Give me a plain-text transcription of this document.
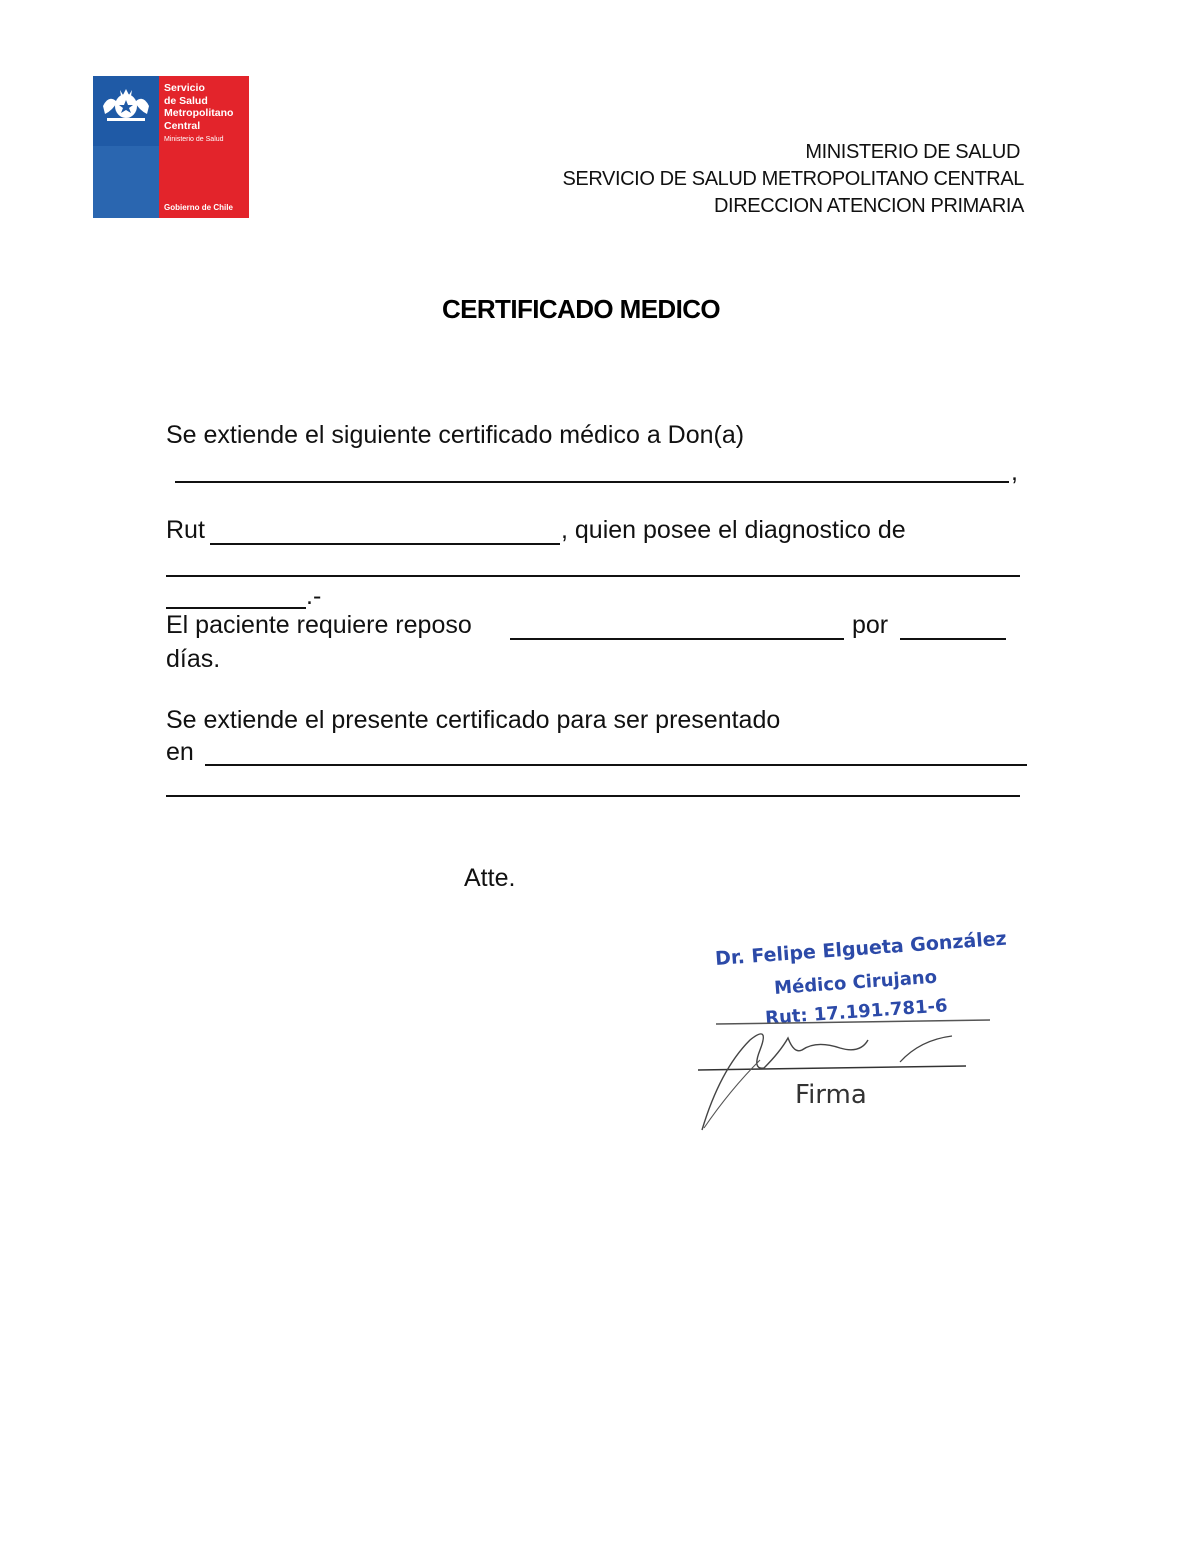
Servicio
de Salud
Metropolitano
Central
Ministerio de Salud
Gobierno de Chile
MINISTERIO DE SALUD
SERVICIO DE SALUD METROPOLITANO CENTRAL
DIRECCION ATENCION PRIMARIA
CERTIFICADO MEDICO
Se extiende el siguiente certificado médico a Don(a)
,
Rut	, quien posee el diagnostico de
.-
El paciente requiere reposo	por
días.
Se extiende el presente certificado para ser presentado
en
Atte.
Dr. Felipe Elgueta González
Médico Cirujano
Rut: 17.191.781-6
Firma
